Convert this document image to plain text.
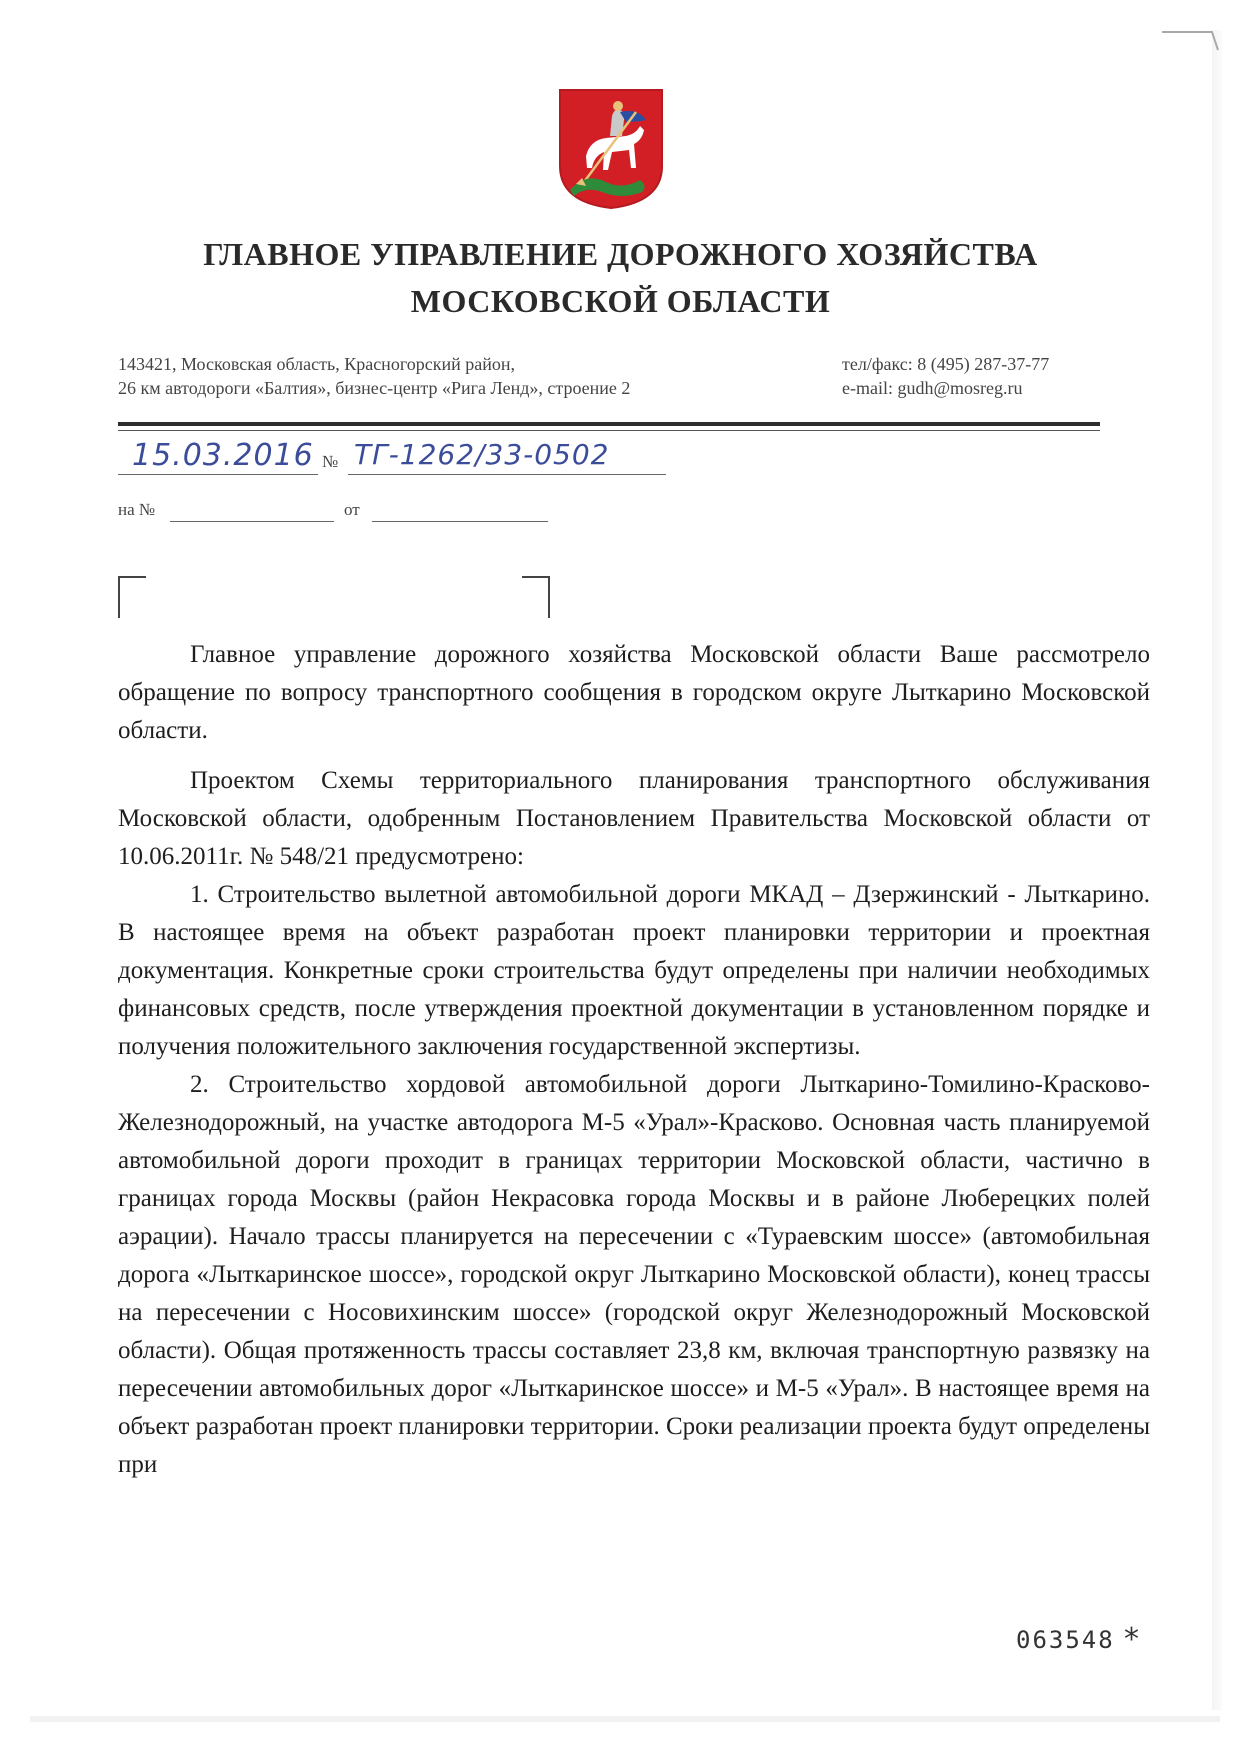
ГЛАВНОЕ УПРАВЛЕНИЕ ДОРОЖНОГО ХОЗЯЙСТВА
МОСКОВСКОЙ ОБЛАСТИ
143421, Московская область, Красногорский район,
26 км автодороги «Балтия», бизнес-центр «Рига Ленд», строение 2
тел/факс: 8 (495) 287-37-77
e-mail: gudh@mosreg.ru
15.03.2016 № ТГ-1262/33-0502
на №	от

Главное управление дорожного хозяйства Московской области Ваше рассмотрело обращение по вопросу транспортного сообщения в городском округе Лыткарино Московской области.

Проектом Схемы территориального планирования транспортного обслуживания Московской области, одобренным Постановлением Правительства Московской области от 10.06.2011г. № 548/21 предусмотрено:

1. Строительство вылетной автомобильной дороги МКАД – Дзержинский - Лыткарино. В настоящее время на объект разработан проект планировки территории и проектная документация. Конкретные сроки строительства будут определены при наличии необходимых финансовых средств, после утверждения проектной документации в установленном порядке и получения положительного заключения государственной экспертизы.

2. Строительство хордовой автомобильной дороги Лыткарино-Томилино-Красково-Железнодорожный, на участке автодорога М-5 «Урал»-Красково. Основная часть планируемой автомобильной дороги проходит в границах территории Московской области, частично в границах города Москвы (район Некрасовка города Москвы и в районе Люберецких полей аэрации). Начало трассы планируется на пересечении с «Тураевским шоссе» (автомобильная дорога «Лыткаринское шоссе», городской округ Лыткарино Московской области), конец трассы на пересечении с Носовихинским шоссе» (городской округ Железнодорожный Московской области). Общая протяженность трассы составляет 23,8 км, включая транспортную развязку на пересечении автомобильных дорог «Лыткаринское шоссе» и М-5 «Урал». В настоящее время на объект разработан проект планировки территории. Сроки реализации проекта будут определены при

063548 *
